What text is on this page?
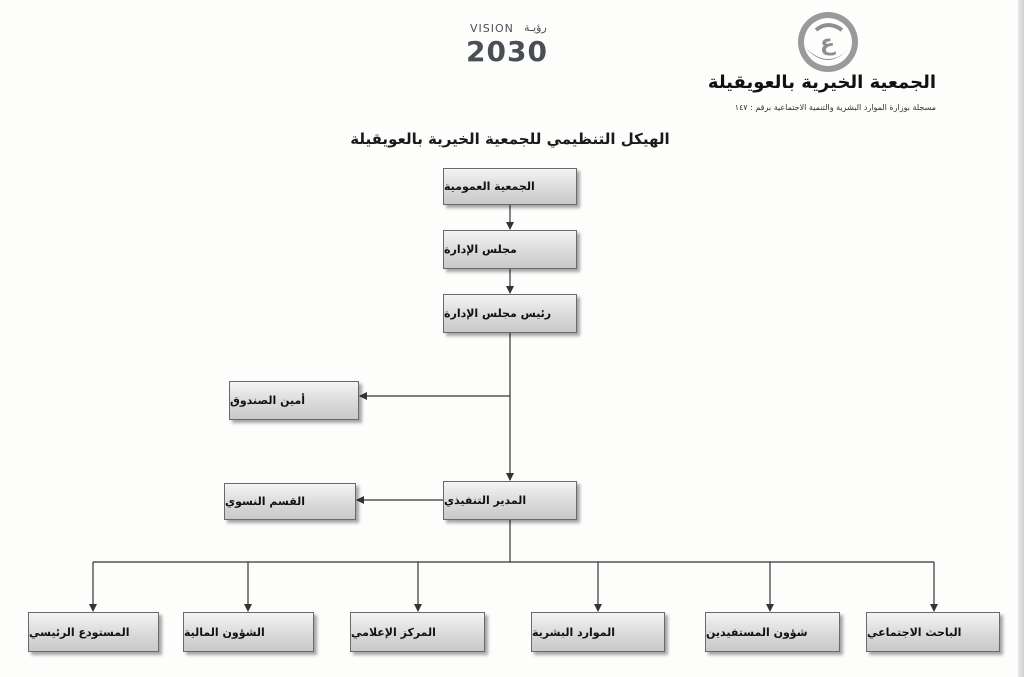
ع
الجمعية الخيرية بالعويقيلة
مسجلة بوزارة الموارد البشرية والتنمية الاجتماعية برقم : ١٤٧
VISION رؤيـة
2030
الهيكل التنظيمي للجمعية الخيرية بالعويقيلة
الجمعية العمومية
مجلس الإدارة
رئيس مجلس الإدارة
أمين الصندوق
المدير التنفيذي
القسم النسوي
الباحث الاجتماعي
شؤون المستفيدين
الموارد البشرية
المركز الإعلامي
الشؤون المالية
المستودع الرئيسي
